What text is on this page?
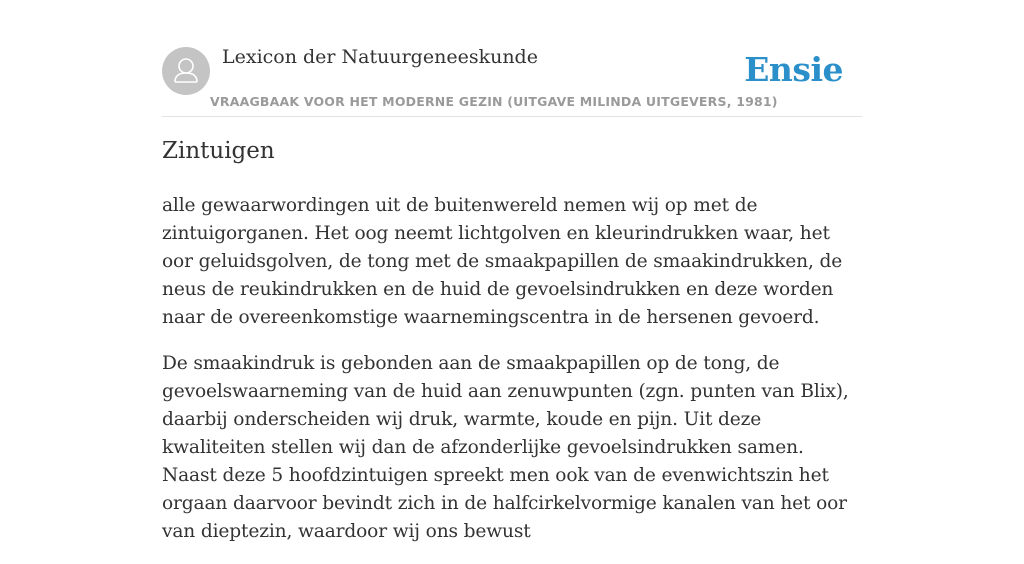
Lexicon der Natuurgeneeskunde
VRAAGBAAK VOOR HET MODERNE GEZIN (UITGAVE MILINDA UITGEVERS, 1981)
Ensie
Zintuigen

alle gewaarwordingen uit de buitenwereld nemen wij op met de zintuigorganen. Het oog neemt lichtgolven en kleurindrukken waar, het oor geluidsgolven, de tong met de smaakpapillen de smaakindrukken, de neus de reukindrukken en de huid de gevoelsindrukken en deze worden naar de overeenkomstige waarnemingscentra in de hersenen gevoerd.

De smaakindruk is gebonden aan de smaakpapillen op de tong, de gevoelswaarneming van de huid aan zenuwpunten (zgn. punten van Blix), daarbij onderscheiden wij druk, warmte, koude en pijn. Uit deze kwaliteiten stellen wij dan de afzonderlijke gevoelsindrukken samen. Naast deze 5 hoofdzintuigen spreekt men ook van de evenwichtszin het orgaan daarvoor bevindt zich in de halfcirkelvormige kanalen van het oor van dieptezin, waardoor wij ons bewust
